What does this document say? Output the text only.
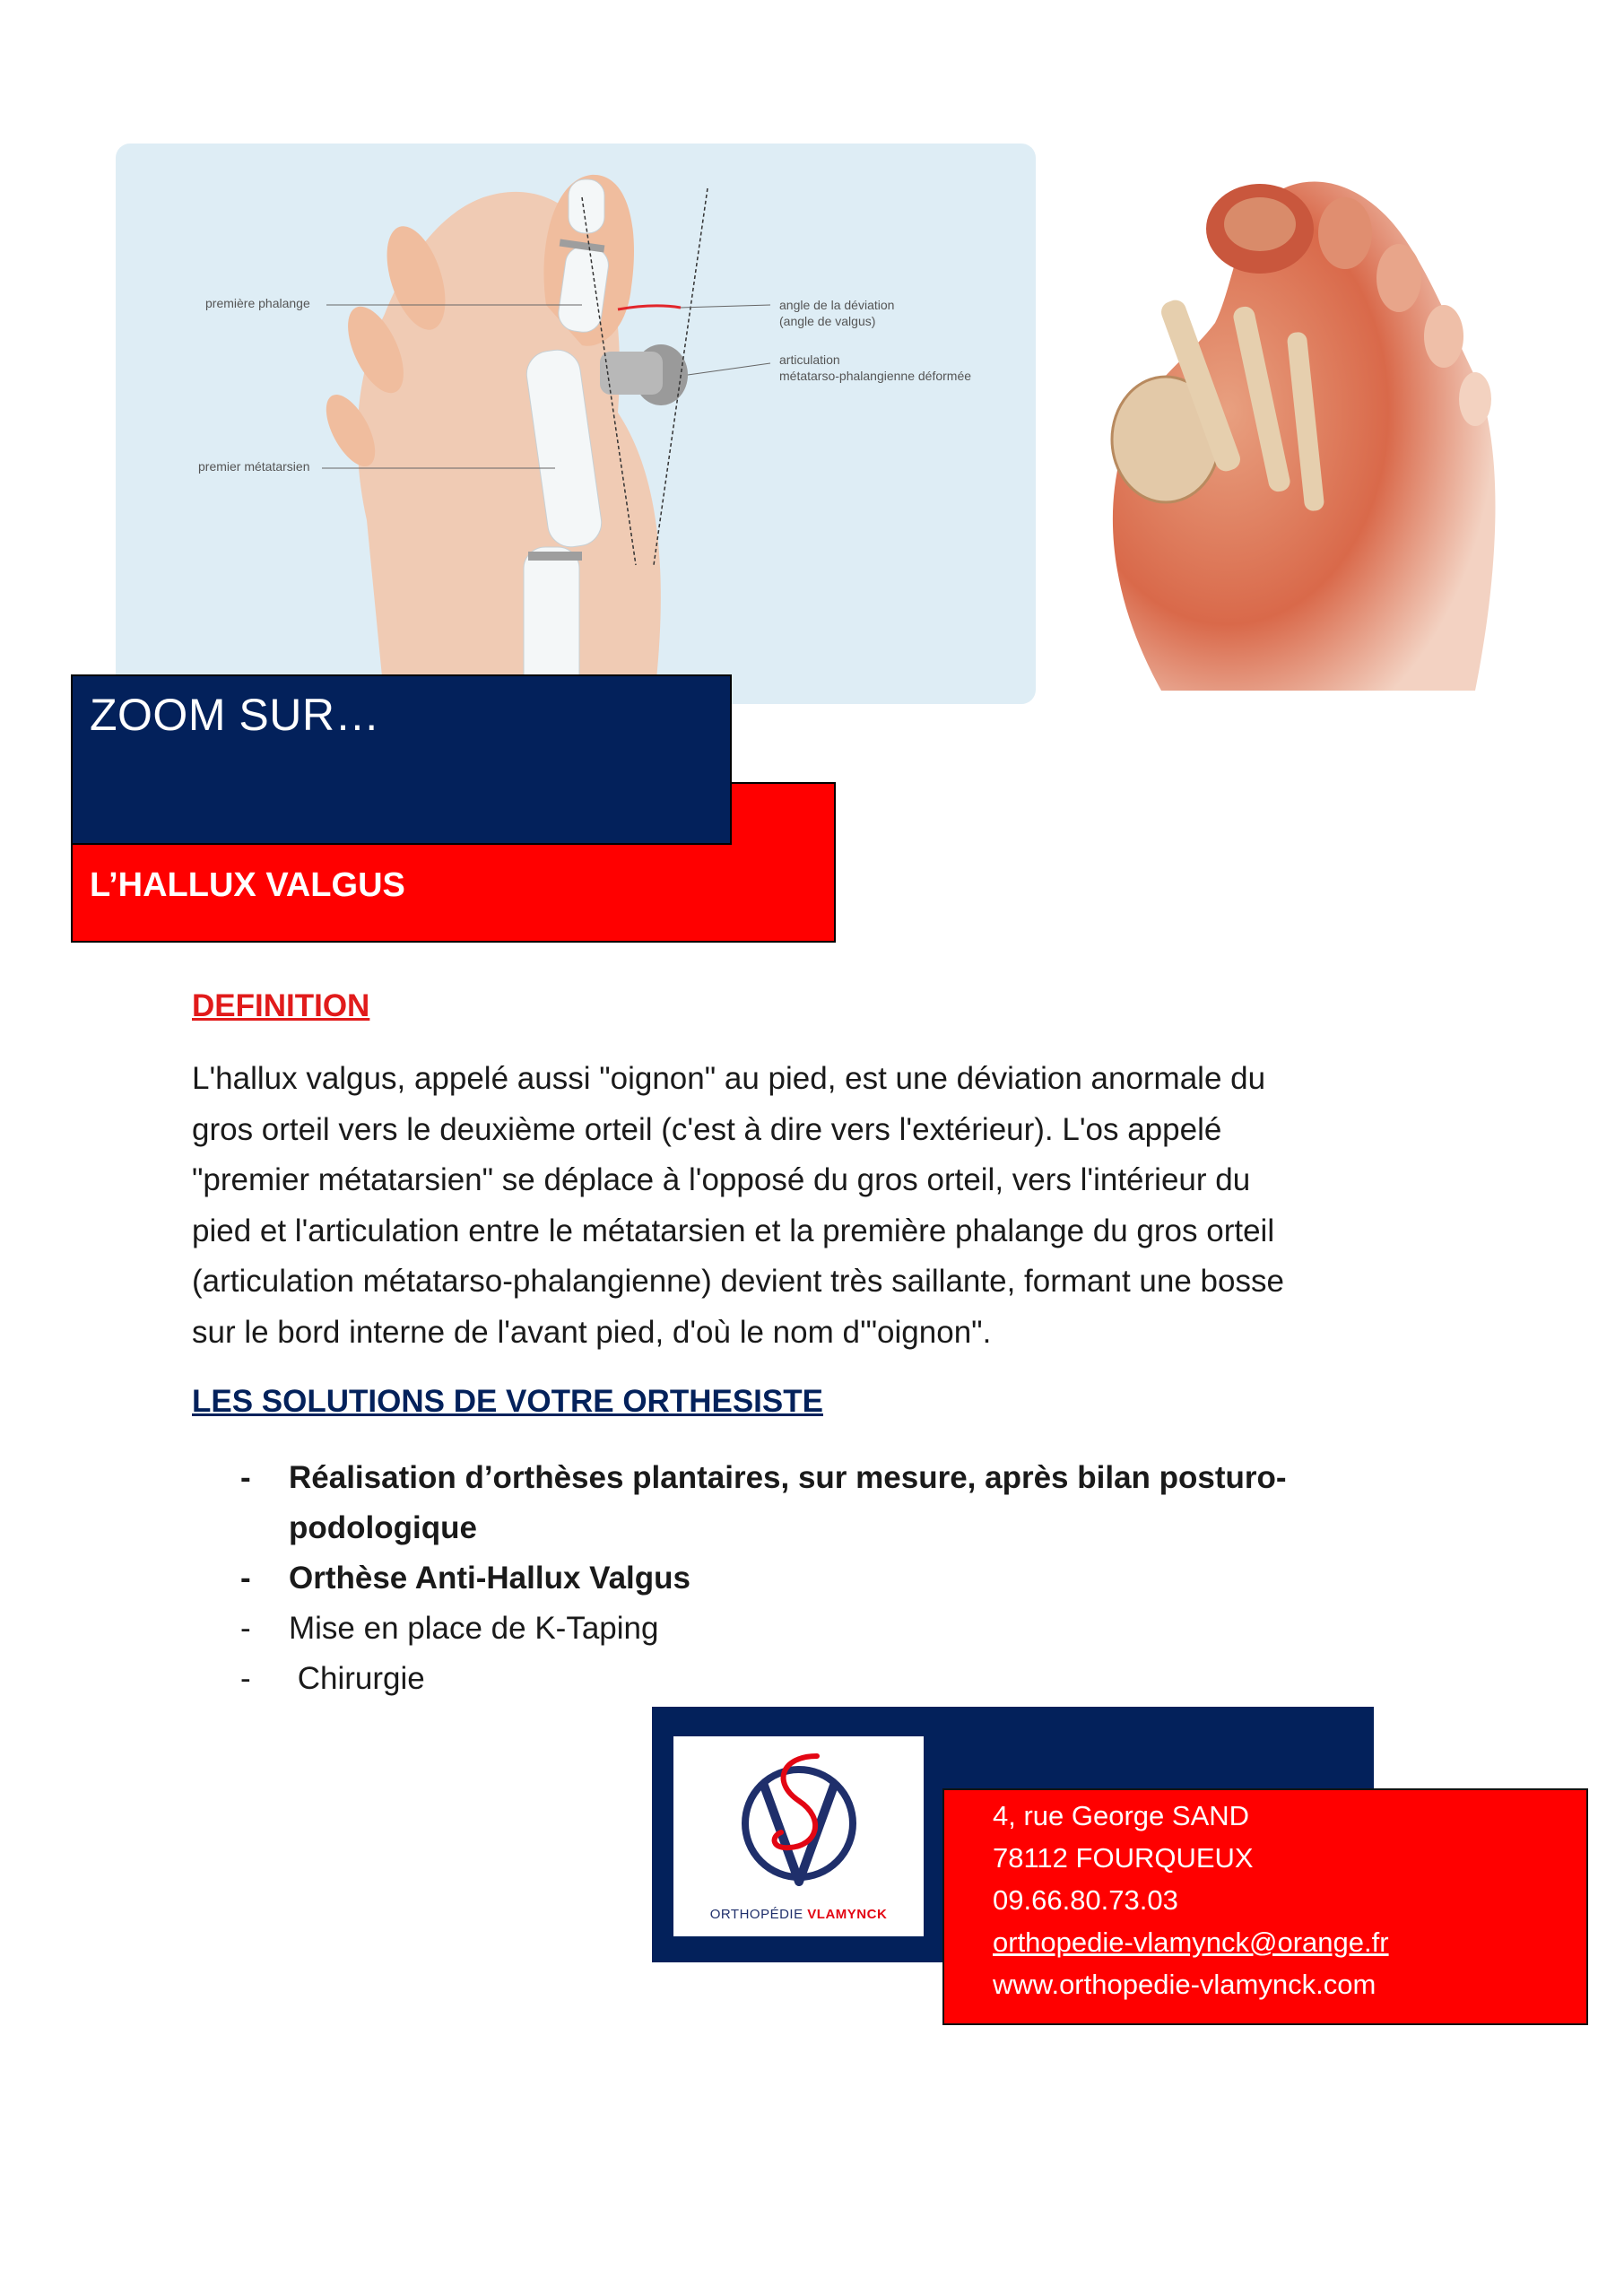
première phalange
premier métatarsien
angle de la déviation
(angle de valgus)
articulation
métatarso-phalangienne déformée
ZOOM SUR…
L’HALLUX VALGUS
DEFINITION
L'hallux valgus, appelé aussi "oignon" au pied, est une déviation anormale du
gros orteil vers le deuxième orteil (c'est à dire vers l'extérieur). L'os appelé
"premier métatarsien" se déplace à l'opposé du gros orteil, vers l'intérieur du
pied et l'articulation entre le métatarsien et la première phalange du gros orteil
(articulation métatarso-phalangienne) devient très saillante, formant une bosse
sur le bord interne de l'avant pied, d'où le nom d'"oignon".
LES SOLUTIONS DE VOTRE ORTHESISTE
- Réalisation d’orthèses plantaires, sur mesure, après bilan posturo-podologique
- Orthèse Anti-Hallux Valgus
- Mise en place de K-Taping
-  Chirurgie
ORTHOPÉDIE VLAMYNCK
4, rue George SAND
78112 FOURQUEUX
09.66.80.73.03
orthopedie-vlamynck@orange.fr
www.orthopedie-vlamynck.com
